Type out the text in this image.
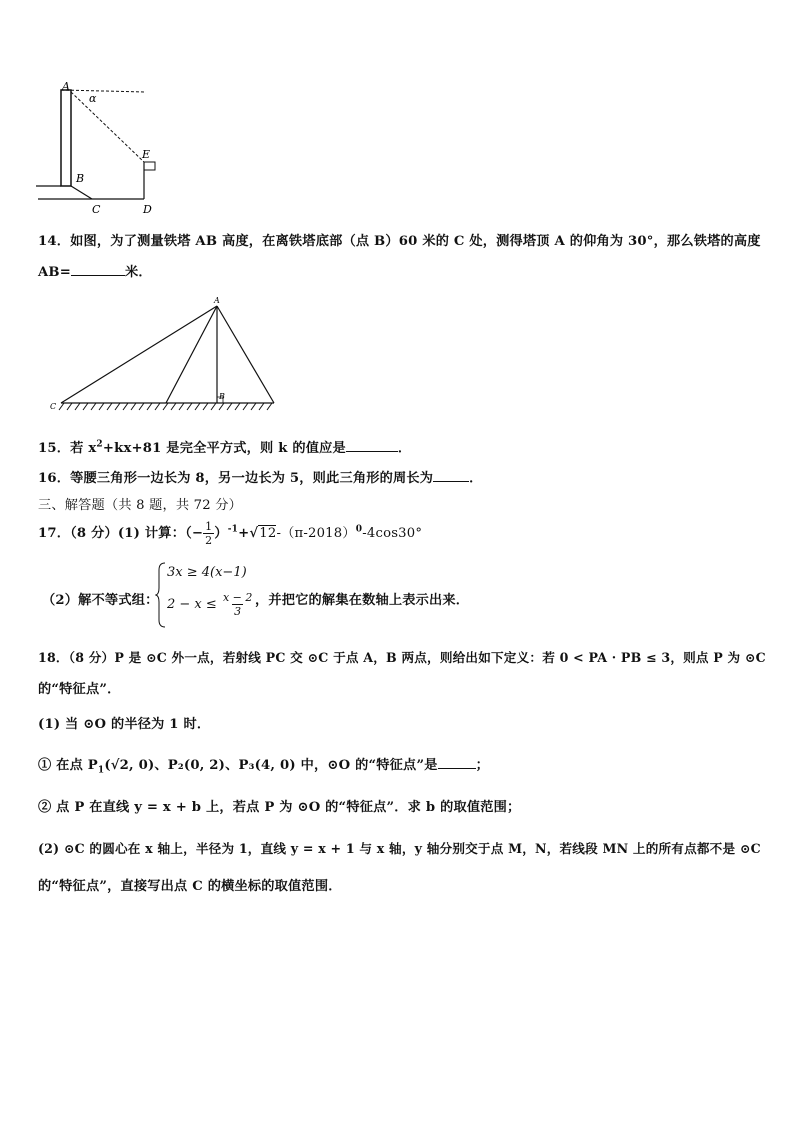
A
α
E
B
C	D
14．如图，为了测量铁塔 AB 高度，在离铁塔底部（点 B）60 米的 C 处，测得塔顶 A 的仰角为 30°，那么铁塔的高度
AB=	米．
A
B
C
15．若 $x^2+kx+81$ 是完全平方式，则 k 的值应是	．
16．等腰三角形一边长为 8，另一边长为 5，则此三角形的周长为	．
三、解答题（共 8 题，共 72 分）
17．（8 分）(1) 计算：（− $\frac{1}{2} )^{-1}+√12-(\pi-2018)^0-4\cos 30^\circ$
（2）解不等式组：
3x ≥ 4(x−1)
$2 - x \le \frac{x - 2}{3}$ ，并把它的解集在数轴上表示出来．
18．（8 分）P 是 ⊙C 外一点，若射线 PC 交 ⊙C 于点 A，B 两点，则给出如下定义：若 0 < PA · PB ≤ 3，则点 P 为 ⊙C
的“特征点”．
(1) 当 ⊙O 的半径为 1 时．
① 在点 $P_1(√2$, 0)、P₂(0, 2)、P₃(4, 0) 中，⊙O 的“特征点”是	；
② 点 P 在直线 y = x + b 上，若点 P 为 ⊙O 的“特征点”．求 b 的取值范围；
(2) ⊙C 的圆心在 x 轴上，半径为 1，直线 y = x + 1 与 x 轴，y 轴分别交于点 M，N，若线段 MN 上的所有点都不是 ⊙C
的“特征点”，直接写出点 C 的横坐标的取值范围．
